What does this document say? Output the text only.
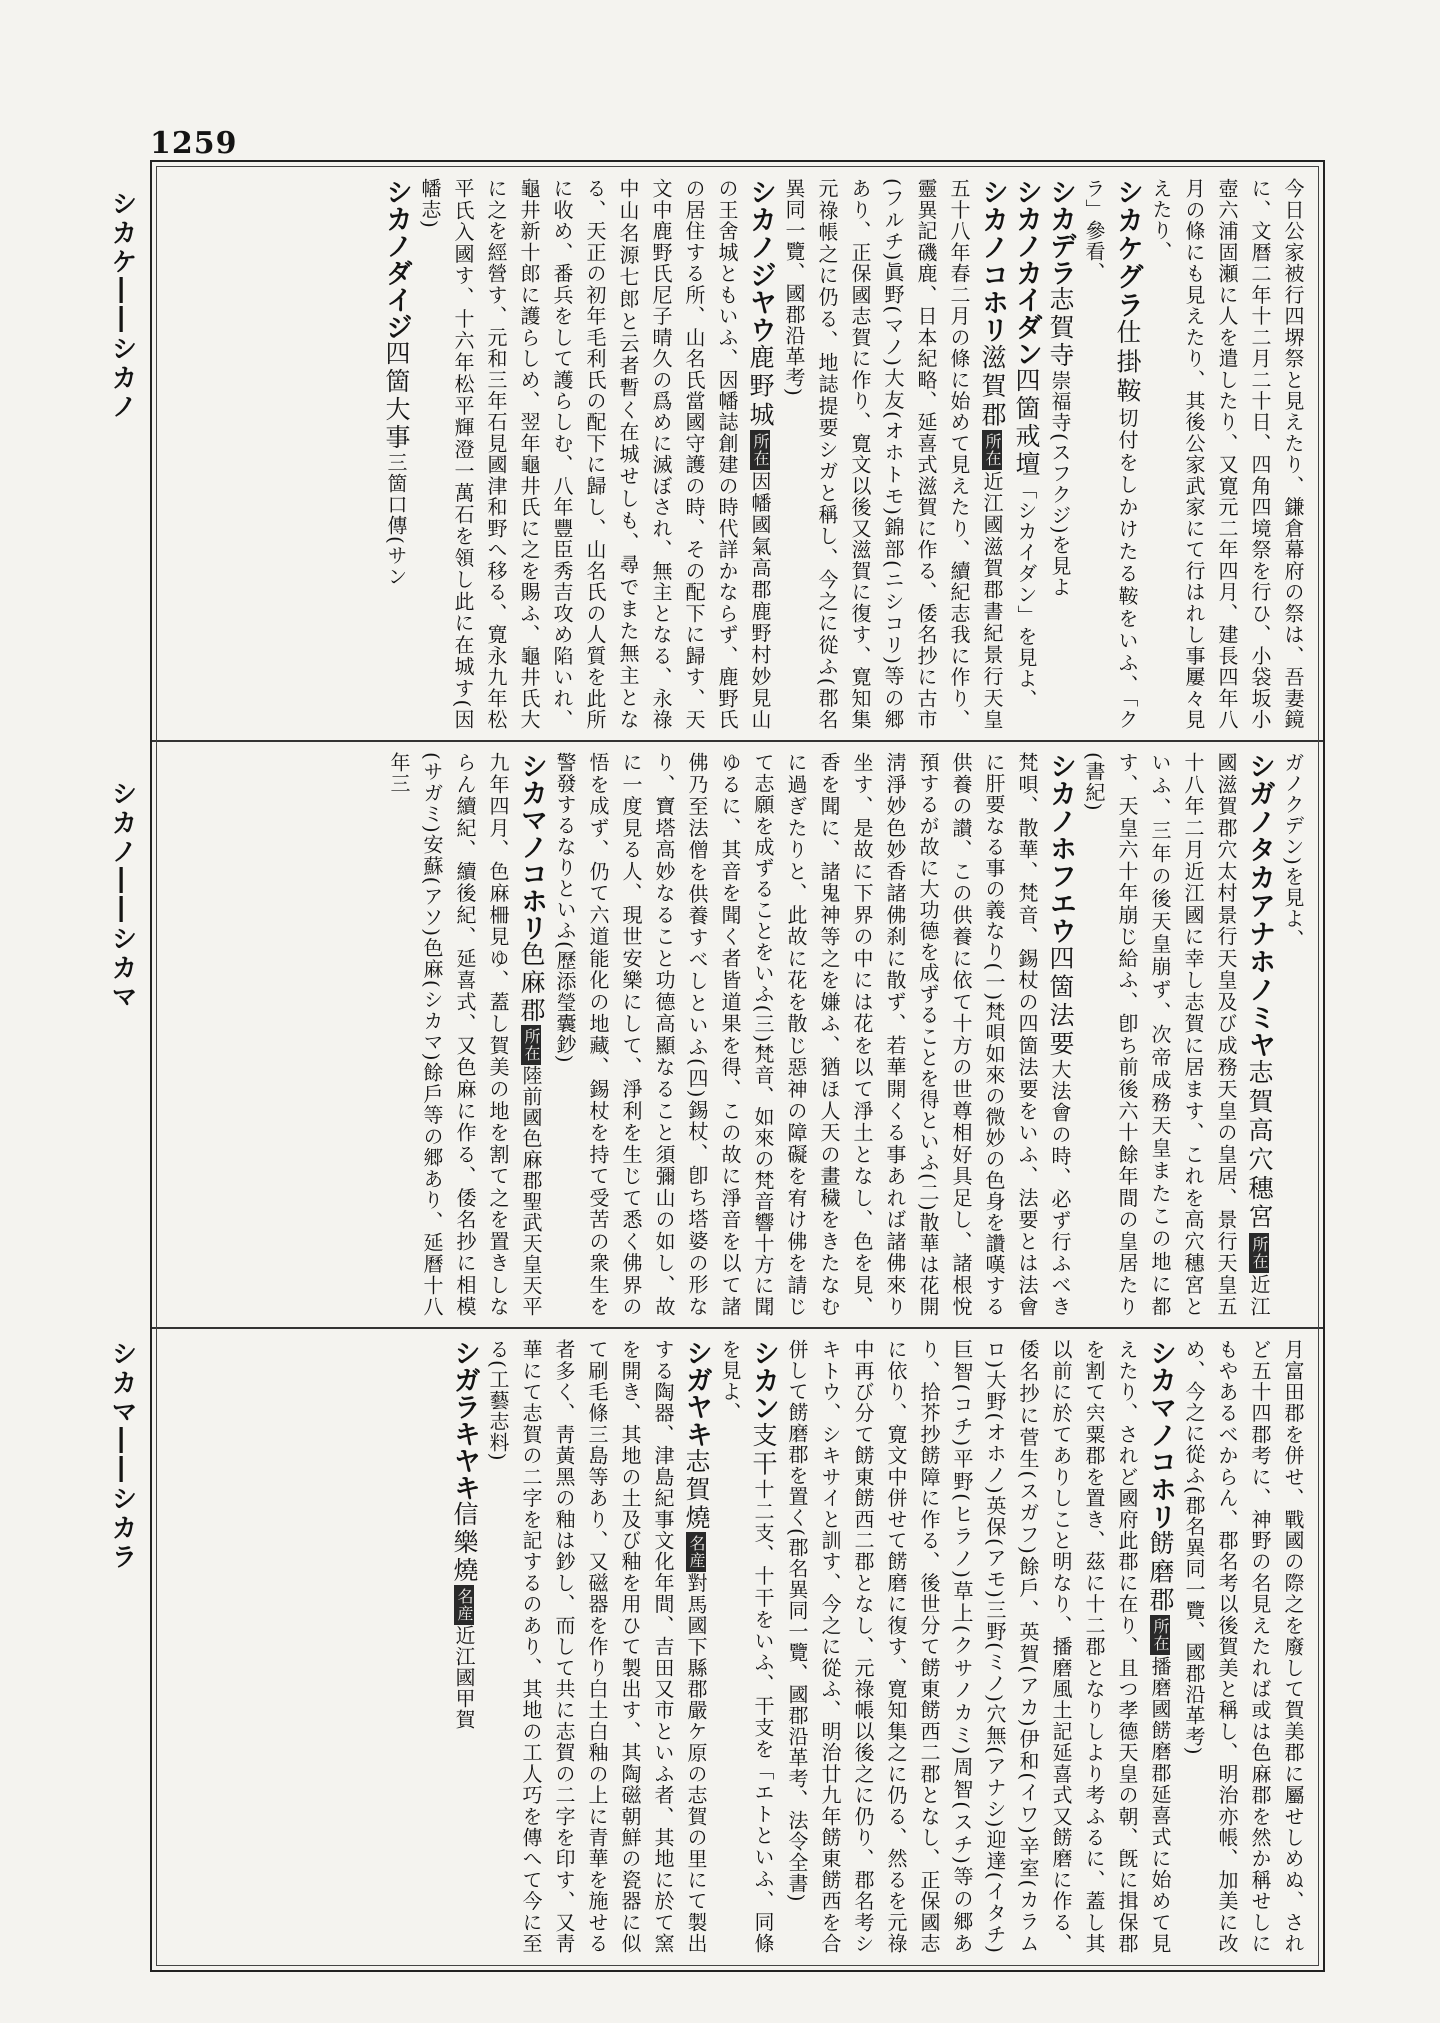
1259
シカケ――シカノ
シカノ――シカマ
シカマ――シカラ

今日公家被行四堺祭と見えたり、鎌倉幕府の祭は、吾妻鏡に、文暦二年十二月二十日、四角四境祭を行ひ、小袋坂小壺六浦固瀬に人を遣したり、又寛元二年四月、建長四年八月の條にも見えたり、其後公家武家にて行はれし事屢々見えたり、

シカケグラ仕掛鞍切付をしかけたる鞍をいふ、「クラ」參看、

シカデラ志賀寺崇福寺(スフクジ)を見よ

シカノカイダン四箇戒壇「シカイダン」を見よ、

シカノコホリ滋賀郡所在近江國滋賀郡書紀景行天皇五十八年春二月の條に始めて見えたり、續紀志我に作り、靈異記磯鹿、日本紀略、延喜式滋賀に作る、倭名抄に古市(フルチ)眞野(マノ)大友(オホトモ)錦部(ニシコリ)等の郷あり、正保國志賀に作り、寛文以後又滋賀に復す、寛知集元祿帳之に仍る、地誌提要シガと稱し、今之に從ふ(郡名異同一覽、國郡沿革考)

シカノジヤウ鹿野城所在因幡國氣高郡鹿野村妙見山の王舍城ともいふ、因幡誌創建の時代詳かならず、鹿野氏の居住する所、山名氏當國守護の時、その配下に歸す、天文中鹿野氏尼子晴久の爲めに滅ぼされ、無主となる、永祿中山名源七郎と云者暫く在城せしも、尋でまた無主となる、天正の初年毛利氏の配下に歸し、山名氏の人質を此所に收め、番兵をして護らしむ、八年豐臣秀吉攻め陷いれ、龜井新十郎に護らしめ、翌年龜井氏に之を賜ふ、龜井氏大に之を經營す、元和三年石見國津和野へ移る、寛永九年松平氏入國す、十六年松平輝澄一萬石を領し此に在城す(因幡志)

シカノダイジ四箇大事三箇口傳(サン

ガノクデン)を見よ、

シガノタカアナホノミヤ志賀高穴穗宮所在近江國滋賀郡穴太村景行天皇及び成務天皇の皇居、景行天皇五十八年二月近江國に幸し志賀に居ます、これを高穴穗宮といふ、三年の後天皇崩ず、次帝成務天皇またこの地に都す、天皇六十年崩じ給ふ、卽ち前後六十餘年間の皇居たり(書紀)

シカノホフエウ四箇法要大法會の時、必ず行ふべき梵唄、散華、梵音、錫杖の四箇法要をいふ、法要とは法會に肝要なる事の義なり(一)梵唄如來の微妙の色身を讚嘆する供養の讃、この供養に依て十方の世尊相好具足し、諸根悅預するが故に大功德を成ずることを得といふ(二)散華は花開淸淨妙色妙香諸佛刹に散ず、若華開くる事あれば諸佛來り坐す、是故に下界の中には花を以て淨土となし、色を見、香を聞に、諸鬼神等之を嫌ふ、猶ほ人天の畫穢をきたなむに過ぎたりと、此故に花を散じ惡神の障礙を宥け佛を請じて志願を成ずることをいふ(三)梵音、如來の梵音響十方に聞ゆるに、其音を聞く者皆道果を得、この故に淨音を以て諸佛乃至法僧を供養すべしといふ(四)錫杖、卽ち塔婆の形なり、寶塔高妙なること功德高顯なること須彌山の如し、故に一度見る人、現世安樂にして、淨利を生じて悉く佛界の悟を成ず、仍て六道能化の地藏、錫杖を持て受苦の衆生を警發するなりといふ(歷添瑩囊鈔)

シカマノコホリ色麻郡所在陸前國色麻郡聖武天皇天平九年四月、色麻柵見ゆ、蓋し賀美の地を割て之を置きしならん續紀、續後紀、延喜式、又色麻に作る、倭名抄に相模(サガミ)安蘇(アソ)色麻(シカマ)餘戶等の郷あり、延曆十八年三

月富田郡を併せ、戰國の際之を廢して賀美郡に屬せしめぬ、されど五十四郡考に、神野の名見えたれば或は色麻郡を然か稱せしにもやあるべからん、郡名考以後賀美と稱し、明治亦帳、加美に改め、今之に從ふ(郡名異同一覽、國郡沿革考)

シカマノコホリ餝磨郡所在播磨國餝磨郡延喜式に始めて見えたり、されど國府此郡に在り、且つ孝德天皇の朝、旣に揖保郡を割て宍粟郡を置き、茲に十二郡となりしより考ふるに、蓋し其以前に於てありしこと明なり、播磨風土記延喜式又餝磨に作る、倭名抄に菅生(スガフ)餘戶、英賀(アカ)伊和(イワ)辛室(カラムロ)大野(オホノ)英保(アモ)三野(ミノ)穴無(アナシ)迎達(イタチ)巨智(コチ)平野(ヒラノ)草上(クサノカミ)周智(スチ)等の郷あり、拾芥抄餝障に作る、後世分て餝東餝西二郡となし、正保國志に依り、寛文中併せて餝磨に復す、寛知集之に仍る、然るを元祿中再び分て餝東餝西二郡となし、元祿帳以後之に仍り、郡名考シキトウ、シキサイと訓す、今之に從ふ、明治廿九年餝東餝西を合併して餝磨郡を置く(郡名異同一覽、國郡沿革考、法令全書)

シカン支干十二支、十干をいふ、干支を「エトといふ、同條を見よ、

シガヤキ志賀燒名産對馬國下縣郡嚴ケ原の志賀の里にて製出する陶器、津島紀事文化年間、吉田又市といふ者、其地に於て窯を開き、其地の土及び釉を用ひて製出す、其陶磁朝鮮の瓷器に似て刷毛條三島等あり、又磁器を作り白土白釉の上に青華を施せる者多く、靑黃黑の釉は鈔し、而して共に志賀の二字を印す、又靑華にて志賀の二字を記するのあり、其地の工人巧を傳へて今に至る(工藝志料)

シガラキヤキ信樂燒名産近江國甲賀
